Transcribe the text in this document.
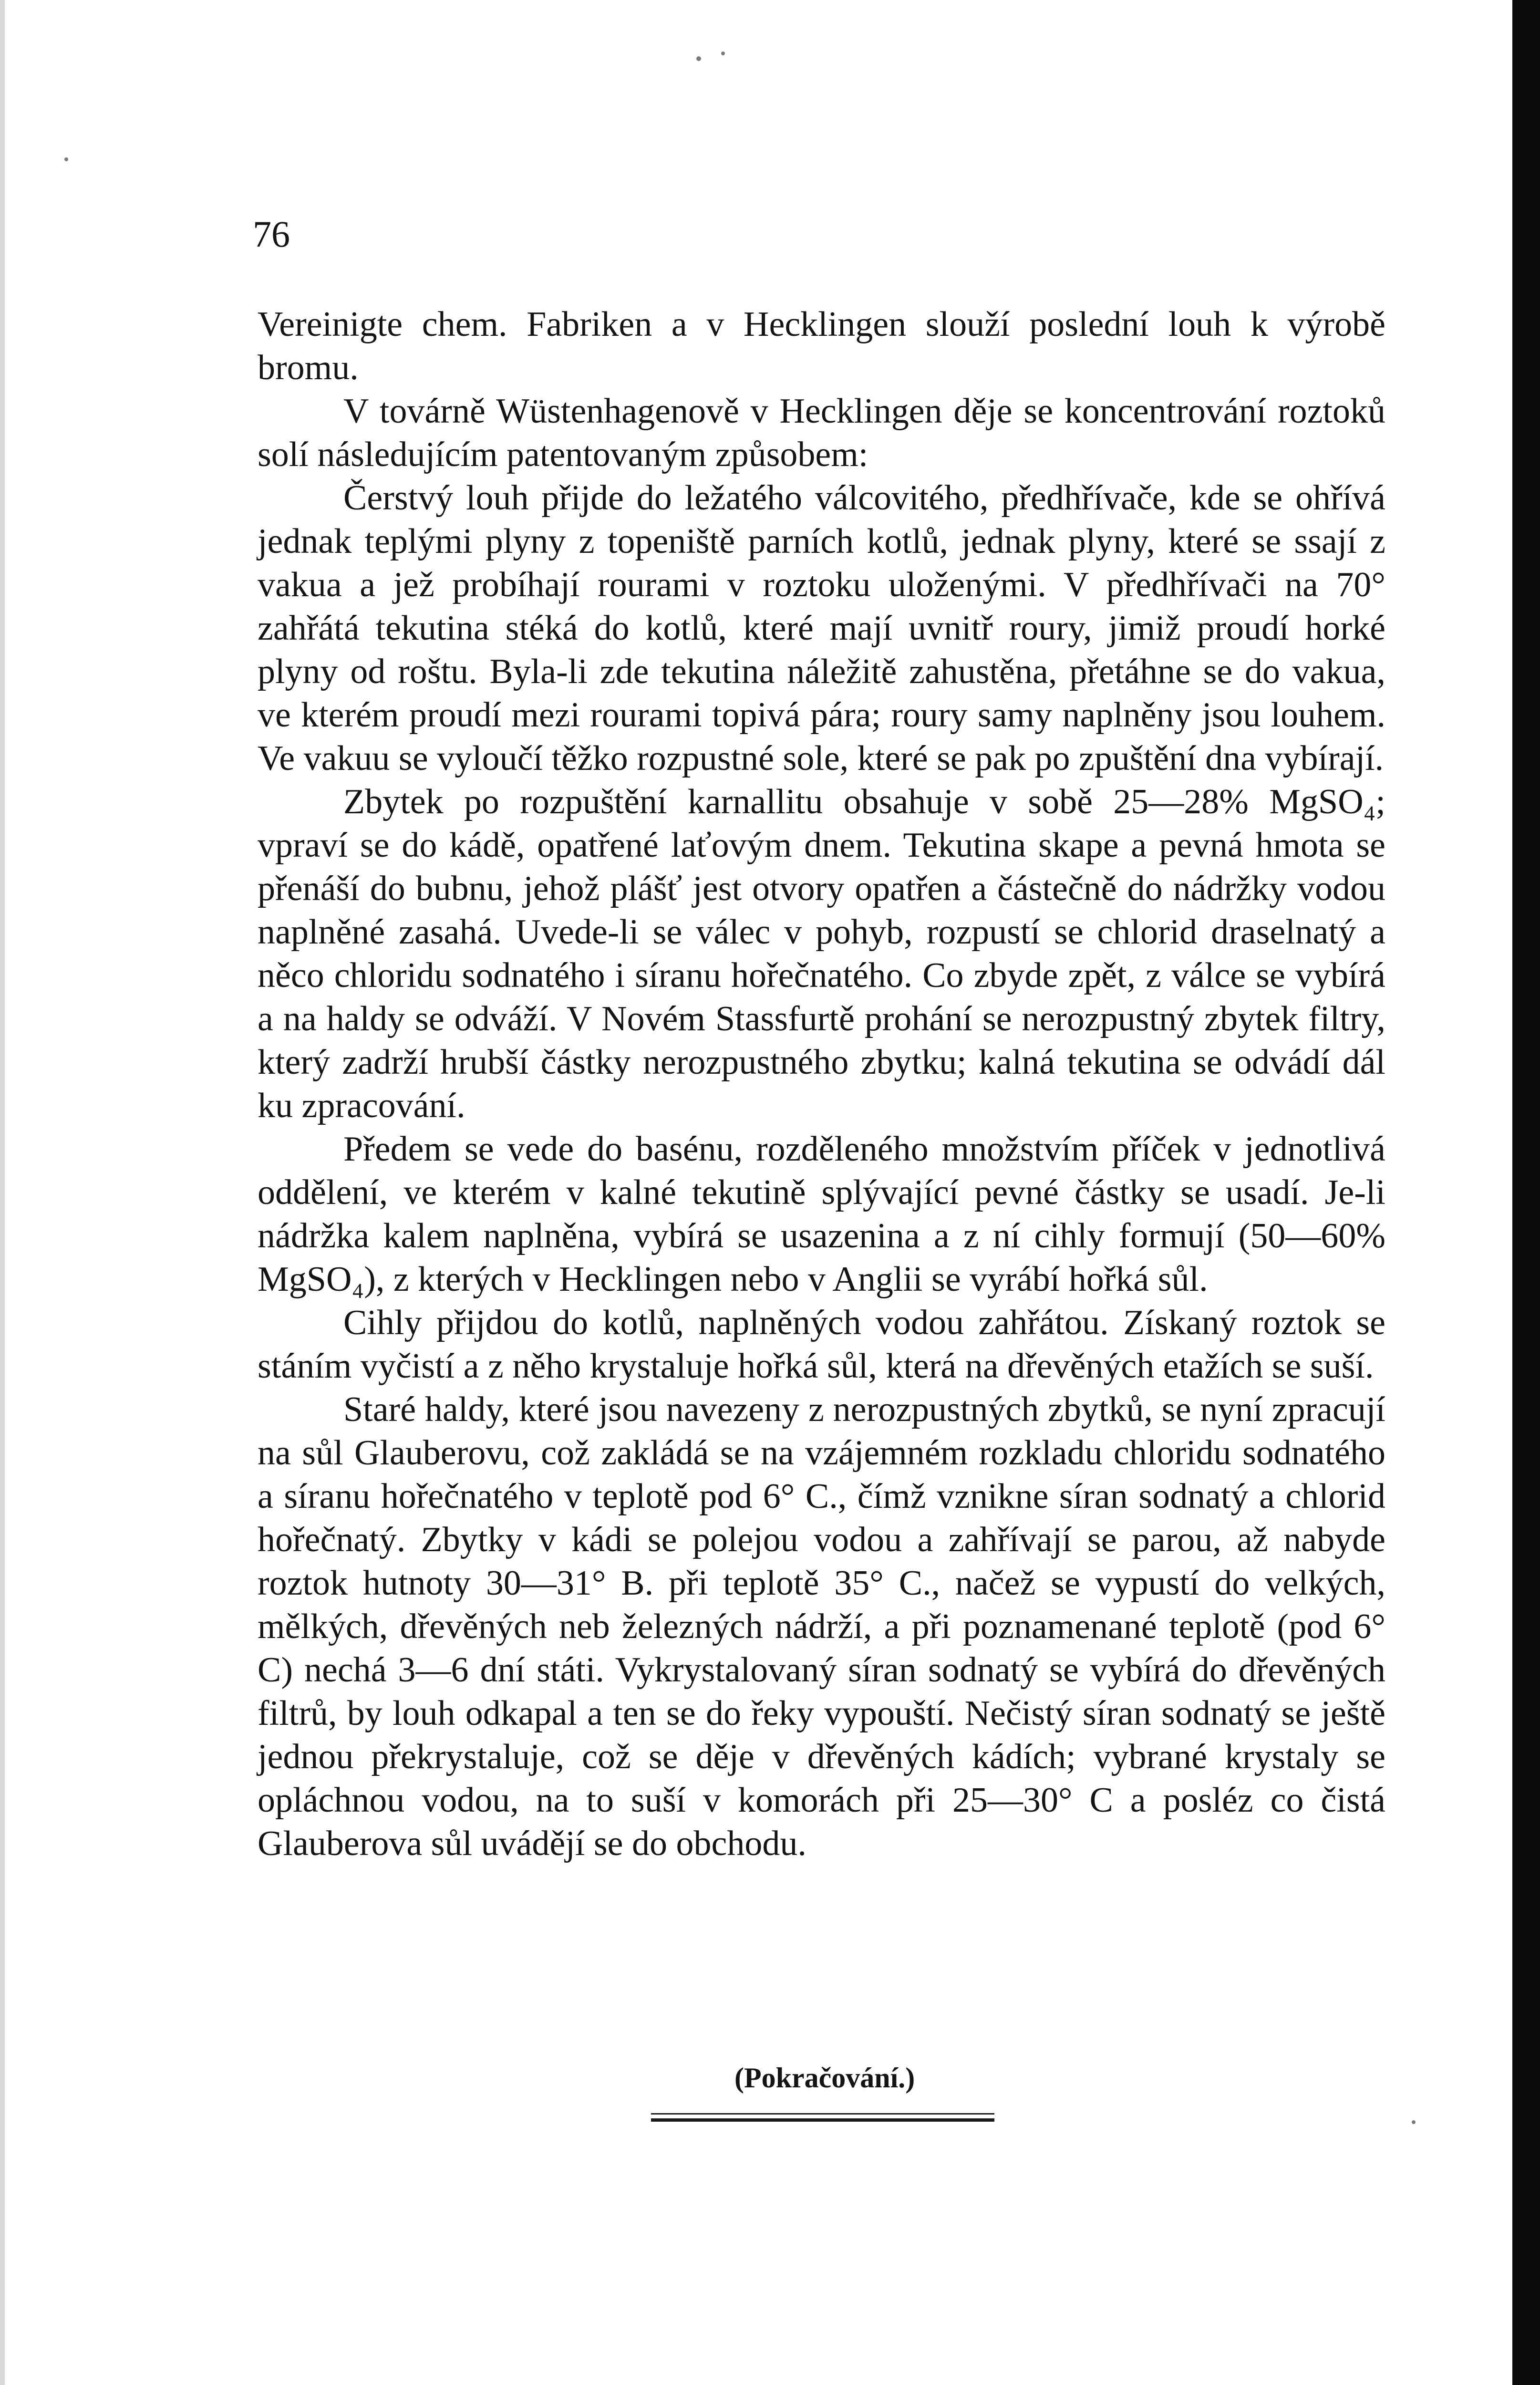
76

Vereinigte chem. Fabriken a v Hecklingen slouží poslední louh k výrobě bromu.

V továrně Wüstenhagenově v Hecklingen děje se koncentrování roztoků solí následujícím patentovaným způsobem:

Čerstvý louh přijde do ležatého válcovitého, předhřívače, kde se ohřívá jednak teplými plyny z topeniště parních kotlů, jednak plyny, které se ssají z vakua a jež probíhají rourami v roztoku uloženými. V předhřívači na 70° zahřátá tekutina stéká do kotlů, které mají uvnitř roury, jimiž proudí horké plyny od roštu. Byla-li zde tekutina náležitě zahustěna, přetáhne se do vakua, ve kterém proudí mezi rourami topivá pára; roury samy naplněny jsou louhem. Ve vakuu se vyloučí těžko rozpustné sole, které se pak po zpuštění dna vybírají.

Zbytek po rozpuštění karnallitu obsahuje v sobě 25—28% MgSO₄; vpraví se do kádě, opatřené laťovým dnem. Tekutina skape a pevná hmota se přenáší do bubnu, jehož plášť jest otvory opatřen a částečně do nádržky vodou naplněné zasahá. Uvede-li se válec v pohyb, rozpustí se chlorid draselnatý a něco chloridu sodnatého i síranu hořečnatého. Co zbyde zpět, z válce se vybírá a na haldy se odváží. V Novém Stassfurtě prohání se nerozpustný zbytek filtry, který zadrží hrubší částky nerozpustného zbytku; kalná tekutina se odvádí dál ku zpracování.

Předem se vede do basénu, rozděleného množstvím příček v jednotlivá oddělení, ve kterém v kalné tekutině splývající pevné částky se usadí. Je-li nádržka kalem naplněna, vybírá se usazenina a z ní cihly formují (50—60% MgSO₄), z kterých v Hecklingen nebo v Anglii se vyrábí hořká sůl.

Cihly přijdou do kotlů, naplněných vodou zahřátou. Získaný roztok se stáním vyčistí a z něho krystaluje hořká sůl, která na dřevěných etažích se suší.

Staré haldy, které jsou navezeny z nerozpustných zbytků, se nyní zpracují na sůl Glauberovu, což zakládá se na vzájemném rozkladu chloridu sodnatého a síranu hořečnatého v teplotě pod 6° C., čímž vznikne síran sodnatý a chlorid hořečnatý. Zbytky v kádi se polejou vodou a zahřívají se parou, až nabyde roztok hutnoty 30—31° B. při teplotě 35° C., načež se vypustí do velkých, mělkých, dřevěných neb železných nádrží, a při poznamenané teplotě (pod 6° C) nechá 3—6 dní státi. Vykrystalovaný síran sodnatý se vybírá do dřevěných filtrů, by louh odkapal a ten se do řeky vypouští. Nečistý síran sodnatý se ještě jednou překrystaluje, což se děje v dřevěných kádích; vybrané krystaly se opláchnou vodou, na to suší v komorách při 25—30° C a posléz co čistá Glauberova sůl uvádějí se do obchodu.

(Pokračování.)
